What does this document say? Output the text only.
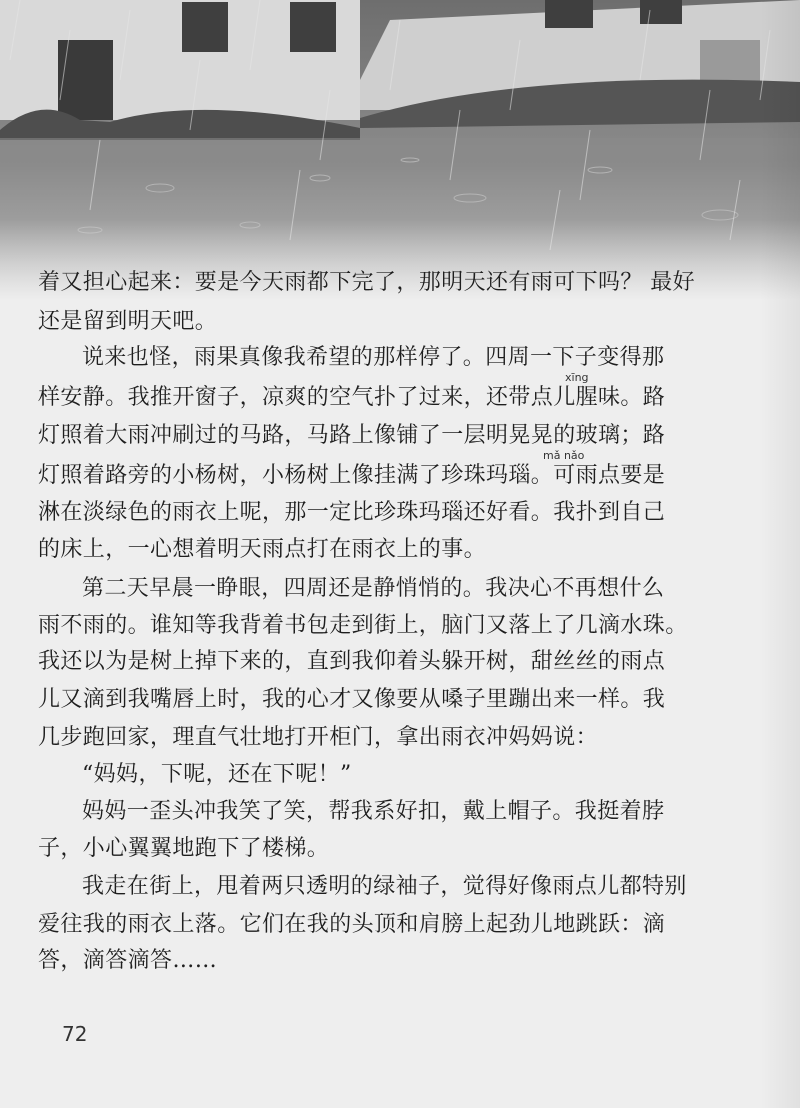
着又担心起来：要是今天雨都下完了，那明天还有雨可下吗？ 最好
还是留到明天吧。
说来也怪，雨果真像我希望的那样停了。四周一下子变得那
样安静。我推开窗子，凉爽的空气扑了过来，还带点儿腥味。路
灯照着大雨冲刷过的马路，马路上像铺了一层明晃晃的玻璃；路
灯照着路旁的小杨树，小杨树上像挂满了珍珠玛瑙。可雨点要是
淋在淡绿色的雨衣上呢，那一定比珍珠玛瑙还好看。我扑到自己
的床上，一心想着明天雨点打在雨衣上的事。
第二天早晨一睁眼，四周还是静悄悄的。我决心不再想什么
雨不雨的。谁知等我背着书包走到街上，脑门又落上了几滴水珠。
我还以为是树上掉下来的，直到我仰着头躲开树，甜丝丝的雨点
儿又滴到我嘴唇上时，我的心才又像要从嗓子里蹦出来一样。我
几步跑回家，理直气壮地打开柜门，拿出雨衣冲妈妈说：
“妈妈，下呢，还在下呢！”
妈妈一歪头冲我笑了笑，帮我系好扣，戴上帽子。我挺着脖
子，小心翼翼地跑下了楼梯。
我走在街上，甩着两只透明的绿袖子，觉得好像雨点儿都特别
爱往我的雨衣上落。它们在我的头顶和肩膀上起劲儿地跳跃：滴
答，滴答滴答……
xīng
mǎ nǎo
72
